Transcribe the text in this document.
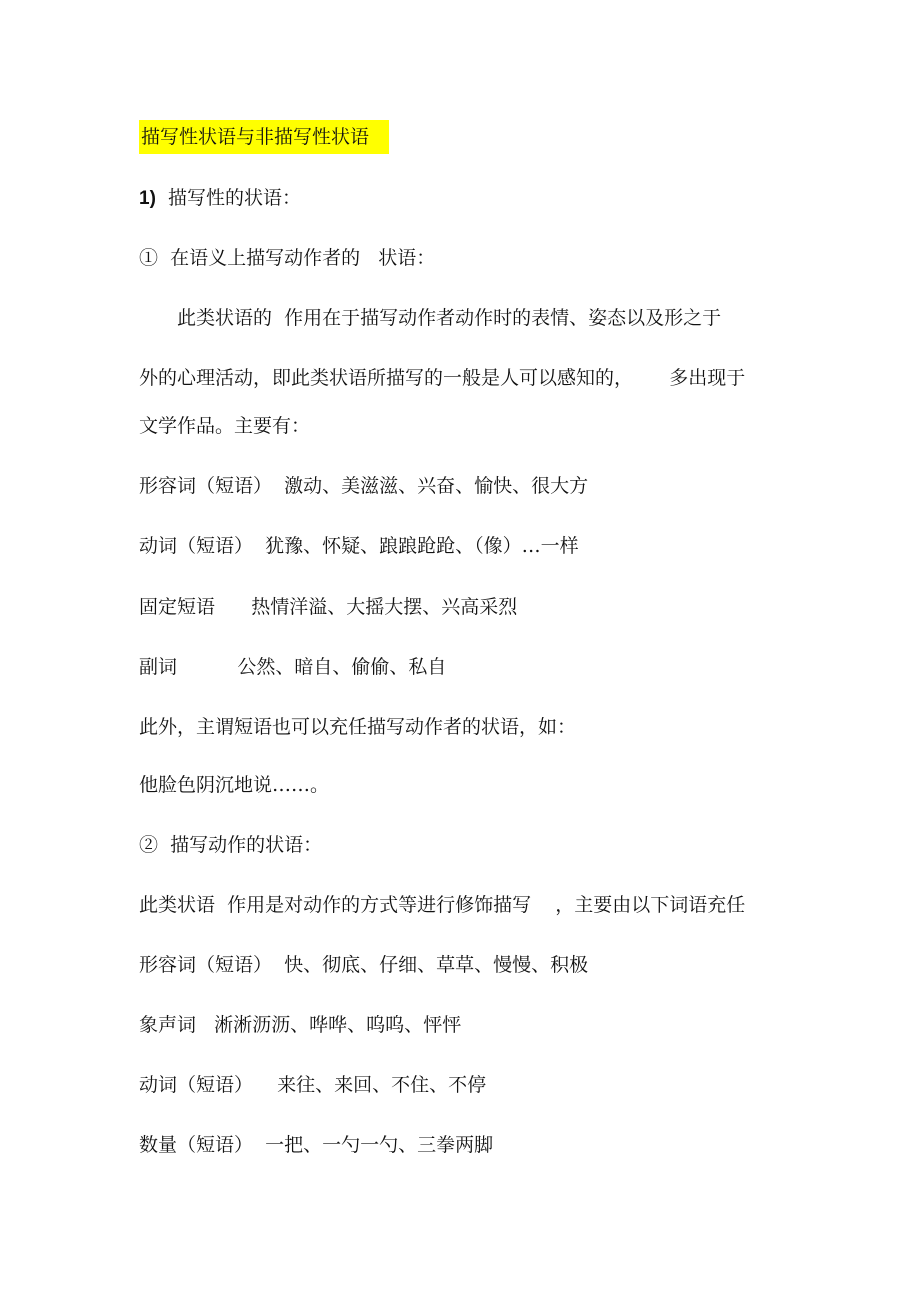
描写性状语与非描写性状语
1)  描写性的状语：
①  在语义上描写动作者的   状语：
此类状语的  作用在于描写动作者动作时的表情、姿态以及形之于
外的心理活动，即此类状语所描写的一般是人可以感知的，      多出现于
文学作品。主要有：
形容词（短语）  激动、美滋滋、兴奋、愉快、很大方
动词（短语）  犹豫、怀疑、踉踉跄跄、（像）…一样
固定短语      热情洋溢、大摇大摆、兴高采烈
副词          公然、暗自、偷偷、私自
此外，主谓短语也可以充任描写动作者的状语，如：
他脸色阴沉地说……。
②  描写动作的状语：
此类状语  作用是对动作的方式等进行修饰描写    ，主要由以下词语充任
形容词（短语）  快、彻底、仔细、草草、慢慢、积极
象声词   淅淅沥沥、哗哗、呜呜、怦怦
动词（短语）    来往、来回、不住、不停
数量（短语）  一把、一勺一勺、三拳两脚
